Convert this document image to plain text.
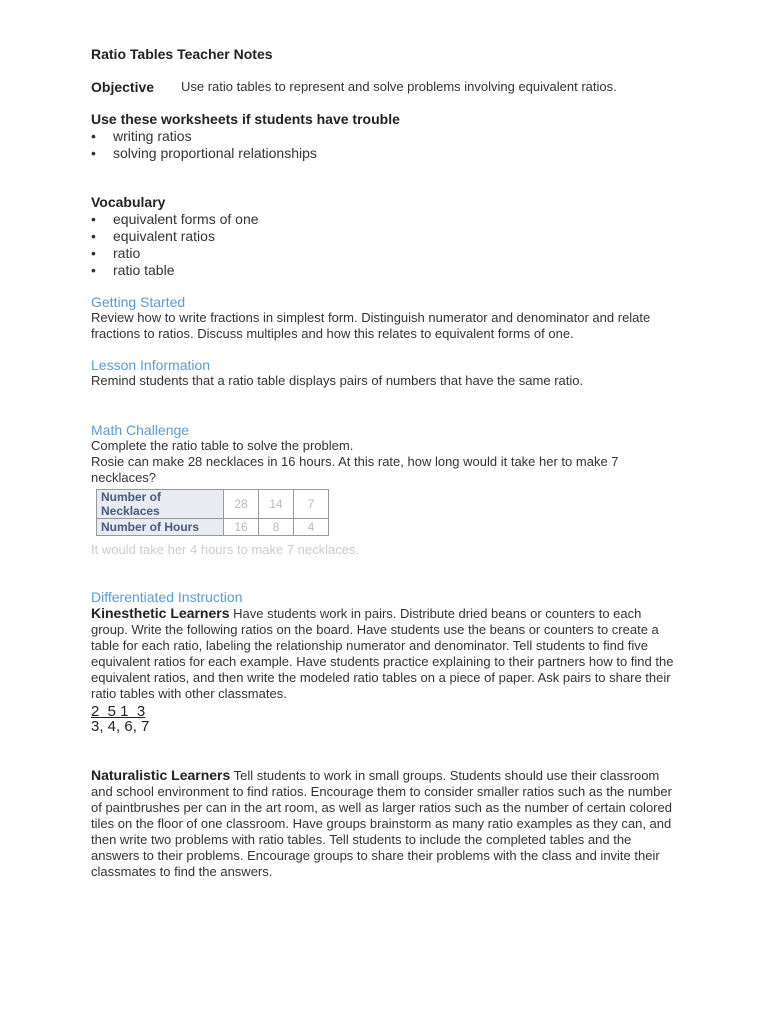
Ratio Tables Teacher Notes
Objective	Use ratio tables to represent and solve problems involving equivalent ratios.
Use these worksheets if students have trouble
• writing ratios
• solving proportional relationships
Vocabulary
• equivalent forms of one
• equivalent ratios
• ratio
• ratio table
Getting Started

Review how to write fractions in simplest form. Distinguish numerator and denominator and relate fractions to ratios. Discuss multiples and how this relates to equivalent forms of one.

Lesson Information

Remind students that a ratio table displays pairs of numbers that have the same ratio.

Math Challenge

Complete the ratio table to solve the problem.

Rosie can make 28 necklaces in 16 hours. At this rate, how long would it take her to make 7 necklaces?

Number of Necklaces	28	14	7
Number of Hours	16	8	4
It would take her 4 hours to make 7 necklaces.
Differentiated Instruction

Kinesthetic Learners Have students work in pairs. Distribute dried beans or counters to each group. Write the following ratios on the board. Have students use the beans or counters to create a table for each ratio, labeling the relationship numerator and denominator. Tell students to find five equivalent ratios for each example. Have students practice explaining to their partners how to find the equivalent ratios, and then write the modeled ratio tables on a piece of paper. Ask pairs to share their ratio tables with other classmates.

2  5 1  3
3, 4, 6, 7

Naturalistic Learners Tell students to work in small groups. Students should use their classroom and school environment to find ratios. Encourage them to consider smaller ratios such as the number of paintbrushes per can in the art room, as well as larger ratios such as the number of certain colored tiles on the floor of one classroom. Have groups brainstorm as many ratio examples as they can, and then write two problems with ratio tables. Tell students to include the completed tables and the answers to their problems. Encourage groups to share their problems with the class and invite their classmates to find the answers.
